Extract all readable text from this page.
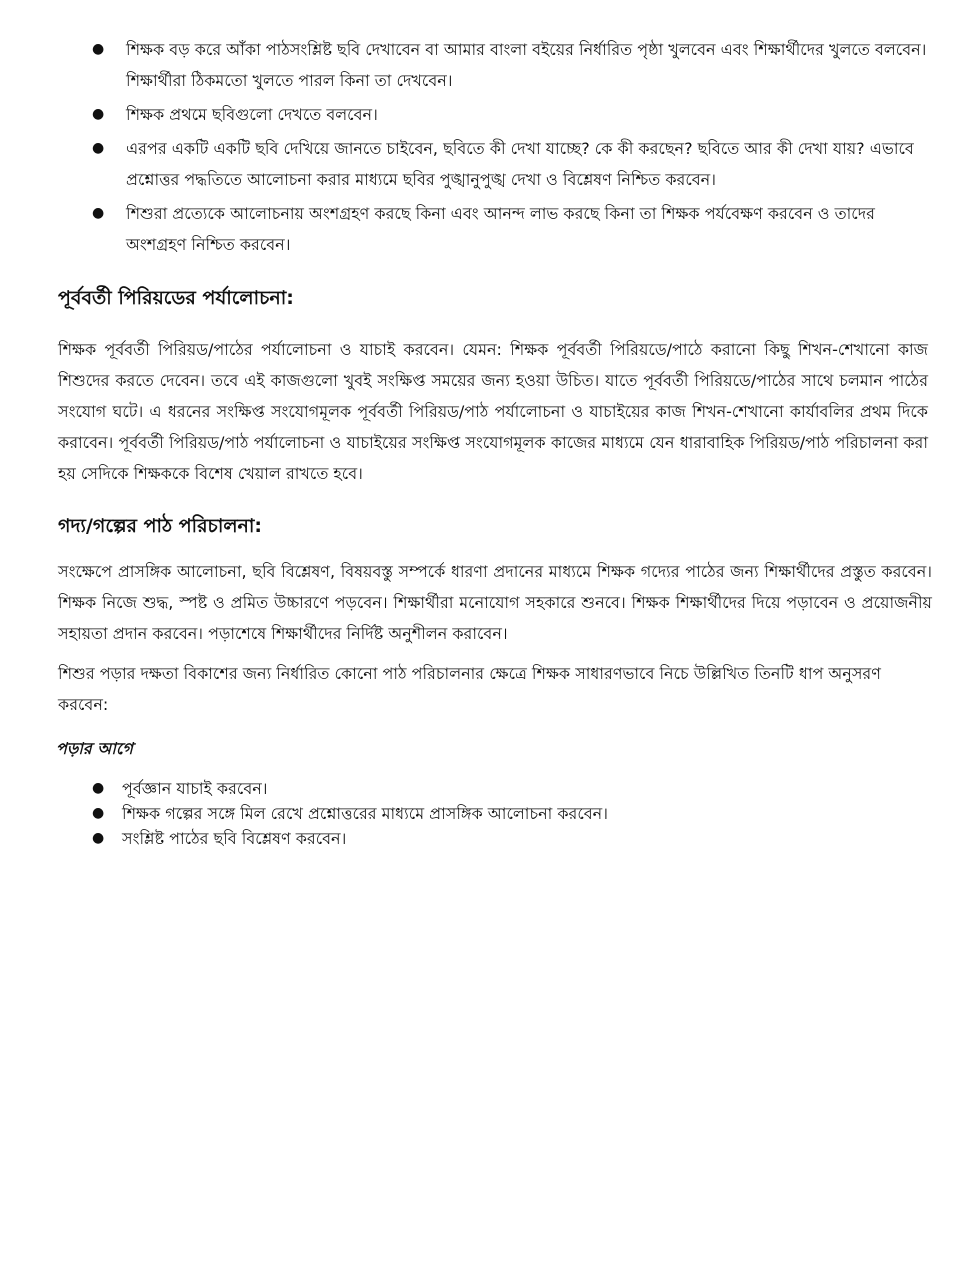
● শিক্ষক বড় করে আঁকা পাঠসংশ্লিষ্ট ছবি দেখাবেন বা আমার বাংলা বইয়ের নির্ধারিত পৃষ্ঠা খুলবেন এবং শিক্ষার্থীদের খুলতে বলবেন। শিক্ষার্থীরা ঠিকমতো খুলতে পারল কিনা তা দেখবেন।
● শিক্ষক প্রথমে ছবিগুলো দেখতে বলবেন।
● এরপর একটি একটি ছবি দেখিয়ে জানতে চাইবেন, ছবিতে কী দেখা যাচ্ছে? কে কী করছেন? ছবিতে আর কী দেখা যায়? এভাবে প্রশ্নোত্তর পদ্ধতিতে আলোচনা করার মাধ্যমে ছবির পুঙ্খানুপুঙ্খ দেখা ও বিশ্লেষণ নিশ্চিত করবেন।
● শিশুরা প্রত্যেকে আলোচনায় অংশগ্রহণ করছে কিনা এবং আনন্দ লাভ করছে কিনা তা শিক্ষক পর্যবেক্ষণ করবেন ও তাদের অংশগ্রহণ নিশ্চিত করবেন।
পূর্ববর্তী পিরিয়ডের পর্যালোচনা:

শিক্ষক পূর্ববর্তী পিরিয়ড/পাঠের পর্যালোচনা ও যাচাই করবেন। যেমন: শিক্ষক পূর্ববর্তী পিরিয়ডে/পাঠে করানো কিছু শিখন-শেখানো কাজ শিশুদের করতে দেবেন। তবে এই কাজগুলো খুবই সংক্ষিপ্ত সময়ের জন্য হওয়া উচিত। যাতে পূর্ববর্তী পিরিয়ডে/পাঠের সাথে চলমান পাঠের সংযোগ ঘটে। এ ধরনের সংক্ষিপ্ত সংযোগমূলক পূর্ববর্তী পিরিয়ড/পাঠ পর্যালোচনা ও যাচাইয়ের কাজ শিখন-শেখানো কার্যাবলির প্রথম দিকে করাবেন। পূর্ববর্তী পিরিয়ড/পাঠ পর্যালোচনা ও যাচাইয়ের সংক্ষিপ্ত সংযোগমূলক কাজের মাধ্যমে যেন ধারাবাহিক পিরিয়ড/পাঠ পরিচালনা করা হয় সেদিকে শিক্ষককে বিশেষ খেয়াল রাখতে হবে।

গদ্য/গল্পের পাঠ পরিচালনা:

সংক্ষেপে প্রাসঙ্গিক আলোচনা, ছবি বিশ্লেষণ, বিষয়বস্তু সম্পর্কে ধারণা প্রদানের মাধ্যমে শিক্ষক গদ্যের পাঠের জন্য শিক্ষার্থীদের প্রস্তুত করবেন। শিক্ষক নিজে শুদ্ধ, স্পষ্ট ও প্রমিত উচ্চারণে পড়বেন। শিক্ষার্থীরা মনোযোগ সহকারে শুনবে। শিক্ষক শিক্ষার্থীদের দিয়ে পড়াবেন ও প্রয়োজনীয় সহায়তা প্রদান করবেন। পড়াশেষে শিক্ষার্থীদের নির্দিষ্ট অনুশীলন করাবেন।

শিশুর পড়ার দক্ষতা বিকাশের জন্য নির্ধারিত কোনো পাঠ পরিচালনার ক্ষেত্রে শিক্ষক সাধারণভাবে নিচে উল্লিখিত তিনটি ধাপ অনুসরণ করবেন:

পড়ার আগে

● পূর্বজ্ঞান যাচাই করবেন।
● শিক্ষক গল্পের সঙ্গে মিল রেখে প্রশ্নোত্তরের মাধ্যমে প্রাসঙ্গিক আলোচনা করবেন।
● সংশ্লিষ্ট পাঠের ছবি বিশ্লেষণ করবেন।
